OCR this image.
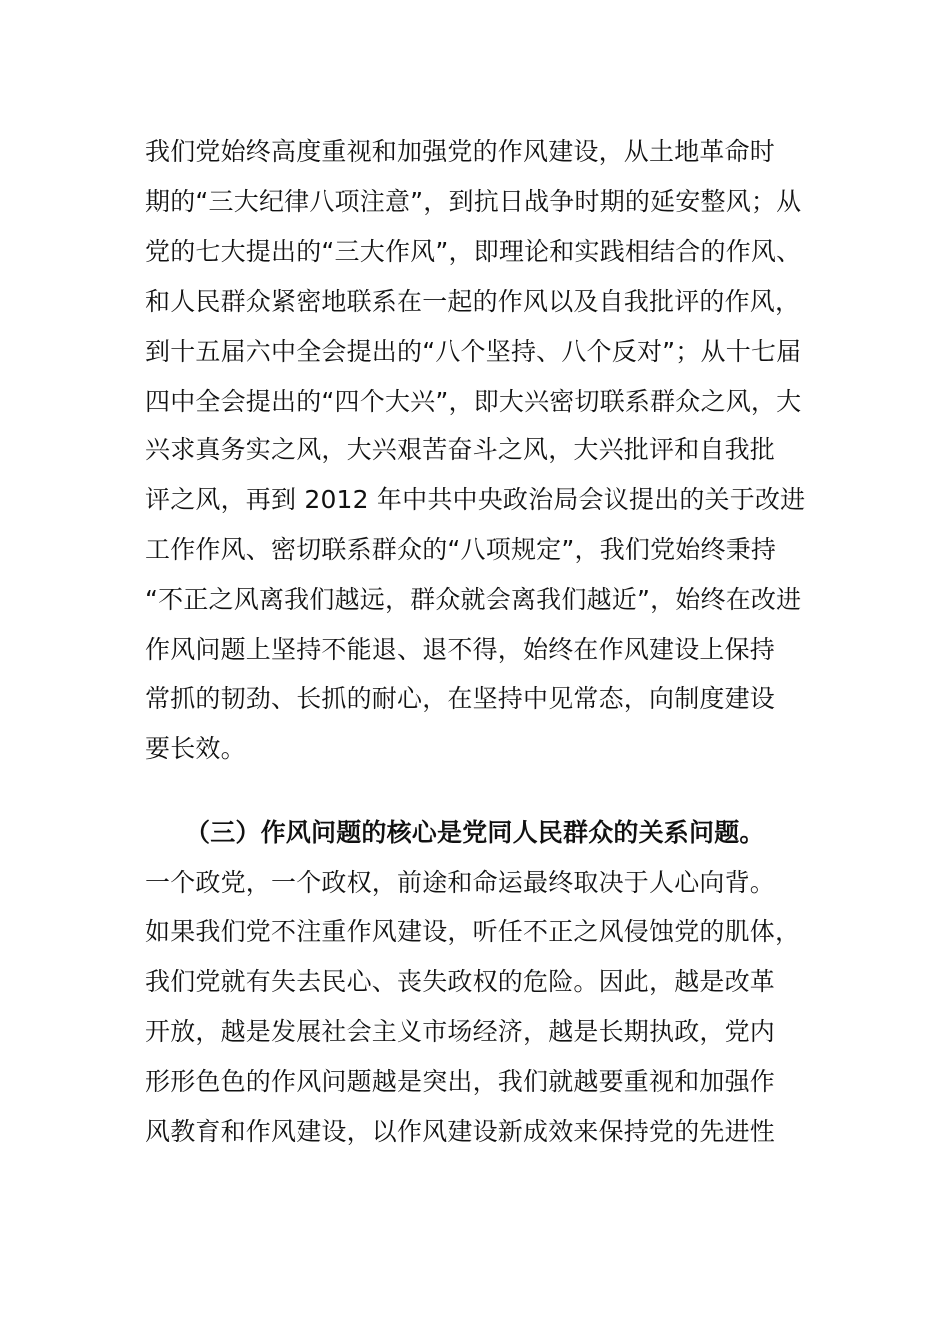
我们党始终高度重视和加强党的作风建设，从土地革命时
期的“三大纪律八项注意”，到抗日战争时期的延安整风；从
党的七大提出的“三大作风”，即理论和实践相结合的作风、
和人民群众紧密地联系在一起的作风以及自我批评的作风，
到十五届六中全会提出的“八个坚持、八个反对”；从十七届
四中全会提出的“四个大兴”，即大兴密切联系群众之风，大
兴求真务实之风，大兴艰苦奋斗之风，大兴批评和自我批
评之风，再到 2012 年中共中央政治局会议提出的关于改进
工作作风、密切联系群众的“八项规定”，我们党始终秉持
“不正之风离我们越远，群众就会离我们越近”，始终在改进
作风问题上坚持不能退、退不得，始终在作风建设上保持
常抓的韧劲、长抓的耐心，在坚持中见常态，向制度建设
要长效。
（三）作风问题的核心是党同人民群众的关系问题。
一个政党，一个政权，前途和命运最终取决于人心向背。
如果我们党不注重作风建设，听任不正之风侵蚀党的肌体，
我们党就有失去民心、丧失政权的危险。因此，越是改革
开放，越是发展社会主义市场经济，越是长期执政，党内
形形色色的作风问题越是突出，我们就越要重视和加强作
风教育和作风建设，以作风建设新成效来保持党的先进性
